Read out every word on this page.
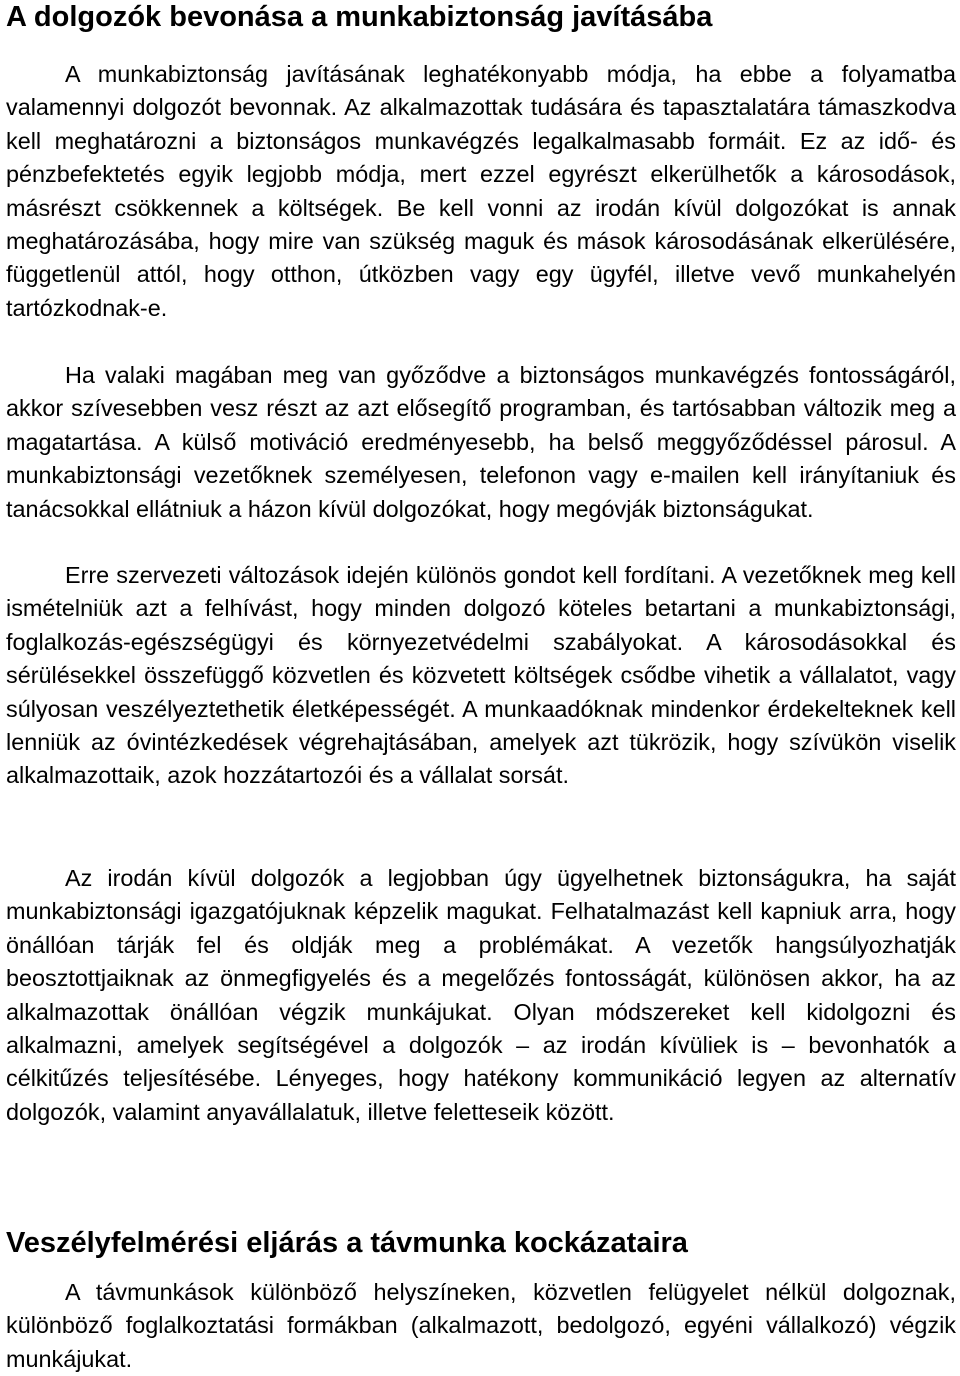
A dolgozók bevonása a munkabiztonság javításába

A munkabiztonság javításának leghatékonyabb módja, ha ebbe a folyamatba valamennyi dolgozót bevonnak. Az alkalmazottak tudására és tapasztalatára támaszkodva kell meghatározni a biztonságos munkavégzés legalkalmasabb formáit. Ez az idő- és pénzbefektetés egyik legjobb módja, mert ezzel egyrészt elkerülhetők a károsodások, másrészt csökkennek a költségek. Be kell vonni az irodán kívül dolgozókat is annak meghatározásába, hogy mire van szükség maguk és mások károsodásának elkerülésére, függetlenül attól, hogy otthon, útközben vagy egy ügyfél, illetve vevő munkahelyén tartózkodnak-e.

Ha valaki magában meg van győződve a biztonságos munkavégzés fontosságáról, akkor szívesebben vesz részt az azt elősegítő programban, és tartósabban változik meg a magatartása. A külső motiváció eredményesebb, ha belső meggyőződéssel párosul. A munkabiztonsági vezetőknek személyesen, telefonon vagy e-mailen kell irányítaniuk és tanácsokkal ellátniuk a házon kívül dolgozókat, hogy megóvják biztonságukat.

Erre szervezeti változások idején különös gondot kell fordítani. A vezetőknek meg kell ismételniük azt a felhívást, hogy minden dolgozó köteles betartani a munkabiztonsági, foglalkozás-egészségügyi és környezetvédelmi szabályokat. A károsodásokkal és sérülésekkel összefüggő közvetlen és közvetett költségek csődbe vihetik a vállalatot, vagy súlyosan veszélyeztethetik életképességét. A munkaadóknak mindenkor érdekelteknek kell lenniük az óvintézkedések végrehajtásában, amelyek azt tükrözik, hogy szívükön viselik alkalmazottaik, azok hozzátartozói és a vállalat sorsát.

Az irodán kívül dolgozók a legjobban úgy ügyelhetnek biztonságukra, ha saját munkabiztonsági igazgatójuknak képzelik magukat. Felhatalmazást kell kapniuk arra, hogy önállóan tárják fel és oldják meg a problémákat. A vezetők hangsúlyozhatják beosztottjaiknak az önmegfigyelés és a megelőzés fontosságát, különösen akkor, ha az alkalmazottak önállóan végzik munkájukat. Olyan módszereket kell kidolgozni és alkalmazni, amelyek segítségével a dolgozók – az irodán kívüliek is – bevonhatók a célkitűzés teljesítésébe. Lényeges, hogy hatékony kommunikáció legyen az alternatív dolgozók, valamint anyavállalatuk, illetve feletteseik között.

Veszélyfelmérési eljárás a távmunka kockázataira

A távmunkások különböző helyszíneken, közvetlen felügyelet nélkül dolgoznak, különböző foglalkoztatási formákban (alkalmazott, bedolgozó, egyéni vállalkozó) végzik munkájukat.
